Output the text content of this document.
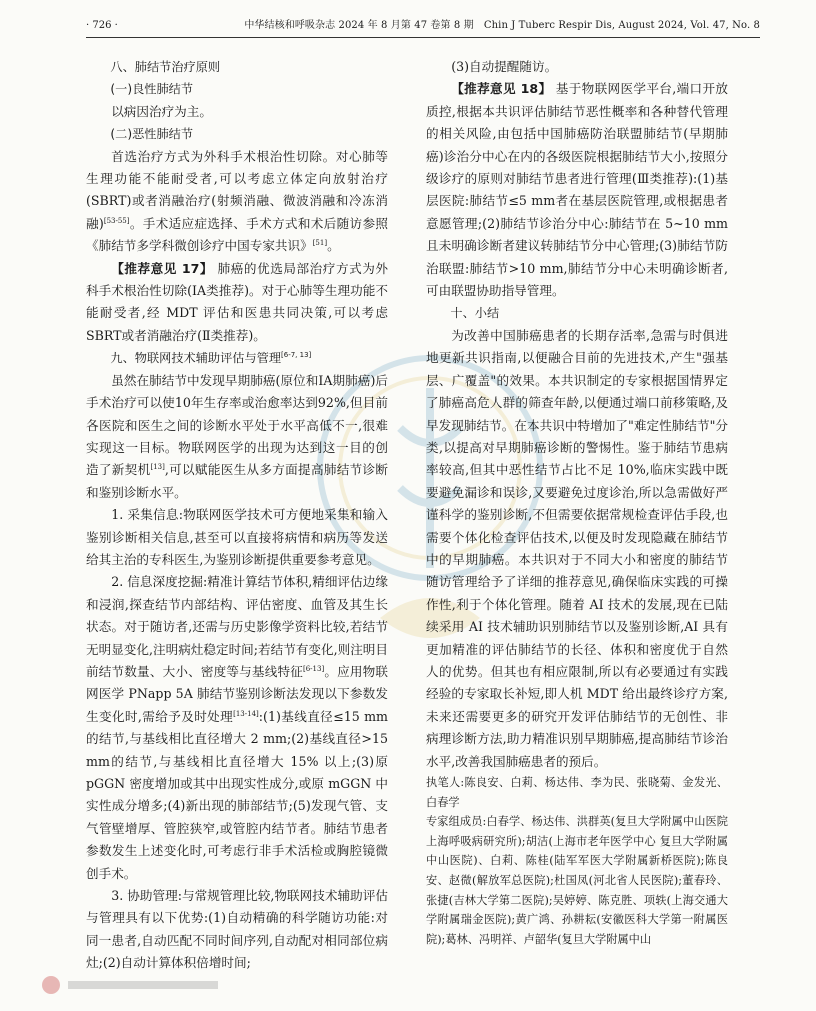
· 726 ·	中华结核和呼吸杂志 2024 年 8 月第 47 卷第 8 期　Chin J Tuberc Respir Dis, August 2024, Vol. 47, No. 8

八、肺结节治疗原则

(一)良性肺结节

以病因治疗为主。

(二)恶性肺结节

首选治疗方式为外科手术根治性切除。对心肺等生理功能不能耐受者,可以考虑立体定向放射治疗(SBRT)或者消融治疗(射频消融、微波消融和冷冻消融)[53-55]。手术适应症选择、手术方式和术后随访参照《肺结节多学科微创诊疗中国专家共识》[51]。

【推荐意见 17】 肺癌的优选局部治疗方式为外科手术根治性切除(ⅠA类推荐)。对于心肺等生理功能不能耐受者,经 MDT 评估和医患共同决策,可以考虑 SBRT或者消融治疗(Ⅱ类推荐)。

九、物联网技术辅助评估与管理[6-7, 13]

虽然在肺结节中发现早期肺癌(原位和ⅠA期肺癌)后手术治疗可以使10年生存率或治愈率达到92%,但目前各医院和医生之间的诊断水平处于水平高低不一,很难实现这一目标。物联网医学的出现为达到这一目的创造了新契机[13],可以赋能医生从多方面提高肺结节诊断和鉴别诊断水平。

1. 采集信息:物联网医学技术可方便地采集和输入鉴别诊断相关信息,甚至可以直接将病情和病历等发送给其主治的专科医生,为鉴别诊断提供重要参考意见。

2. 信息深度挖掘:精准计算结节体积,精细评估边缘和浸润,探查结节内部结构、评估密度、血管及其生长状态。对于随访者,还需与历史影像学资料比较,若结节无明显变化,注明病灶稳定时间;若结节有变化,则注明目前结节数量、大小、密度等与基线特征[6-13]。应用物联网医学 PNapp 5A 肺结节鉴别诊断法发现以下参数发生变化时,需给予及时处理[13-14]:(1)基线直径≤15 mm的结节,与基线相比直径增大 2 mm;(2)基线直径>15 mm的结节,与基线相比直径增大 15% 以上;(3)原 pGGN 密度增加或其中出现实性成分,或原 mGGN 中实性成分增多;(4)新出现的肺部结节;(5)发现气管、支气管壁增厚、管腔狭窄,或管腔内结节者。肺结节患者参数发生上述变化时,可考虑行非手术活检或胸腔镜微创手术。

3. 协助管理:与常规管理比较,物联网技术辅助评估与管理具有以下优势:(1)自动精确的科学随访功能:对同一患者,自动匹配不同时间序列,自动配对相同部位病灶;(2)自动计算体积倍增时间;

(3)自动提醒随访。

【推荐意见 18】 基于物联网医学平台,端口开放质控,根据本共识评估肺结节恶性概率和各种替代管理的相关风险,由包括中国肺癌防治联盟肺结节(早期肺癌)诊治分中心在内的各级医院根据肺结节大小,按照分级诊疗的原则对肺结节患者进行管理(Ⅲ类推荐):(1)基层医院:肺结节≤5 mm者在基层医院管理,或根据患者意愿管理;(2)肺结节诊治分中心:肺结节在 5~10 mm且未明确诊断者建议转肺结节分中心管理;(3)肺结节防治联盟:肺结节>10 mm,肺结节分中心未明确诊断者,可由联盟协助指导管理。

十、小结

为改善中国肺癌患者的长期存活率,急需与时俱进地更新共识指南,以便融合目前的先进技术,产生"强基层、广覆盖"的效果。本共识制定的专家根据国情界定了肺癌高危人群的筛查年龄,以便通过端口前移策略,及早发现肺结节。在本共识中特增加了"难定性肺结节"分类,以提高对早期肺癌诊断的警惕性。鉴于肺结节患病率较高,但其中恶性结节占比不足 10%,临床实践中既要避免漏诊和误诊,又要避免过度诊治,所以急需做好严谨科学的鉴别诊断,不但需要依据常规检查评估手段,也需要个体化检查评估技术,以便及时发现隐藏在肺结节中的早期肺癌。本共识对于不同大小和密度的肺结节随访管理给予了详细的推荐意见,确保临床实践的可操作性,利于个体化管理。随着 AI 技术的发展,现在已陆续采用 AI 技术辅助识别肺结节以及鉴别诊断,AI 具有更加精准的评估肺结节的长径、体积和密度优于自然人的优势。但其也有相应限制,所以有必要通过有实践经验的专家取长补短,即人机 MDT 给出最终诊疗方案,未来还需要更多的研究开发评估肺结节的无创性、非病理诊断方法,助力精准识别早期肺癌,提高肺结节诊治水平,改善我国肺癌患者的预后。

执笔人:陈良安、白莉、杨达伟、李为民、张晓菊、金发光、白春学

专家组成员:白春学、杨达伟、洪群英(复旦大学附属中山医院 上海呼吸病研究所);胡洁(上海市老年医学中心 复旦大学附属中山医院)、白莉、陈桂(陆军军医大学附属新桥医院);陈良安、赵微(解放军总医院);杜国凤(河北省人民医院);董春玲、张捷(吉林大学第二医院);吴婷婷、陈克胜、项轶(上海交通大学附属瑞金医院);黄广鸿、孙耕耘(安徽医科大学第一附属医院);葛林、冯明祥、卢韶华(复旦大学附属中山
